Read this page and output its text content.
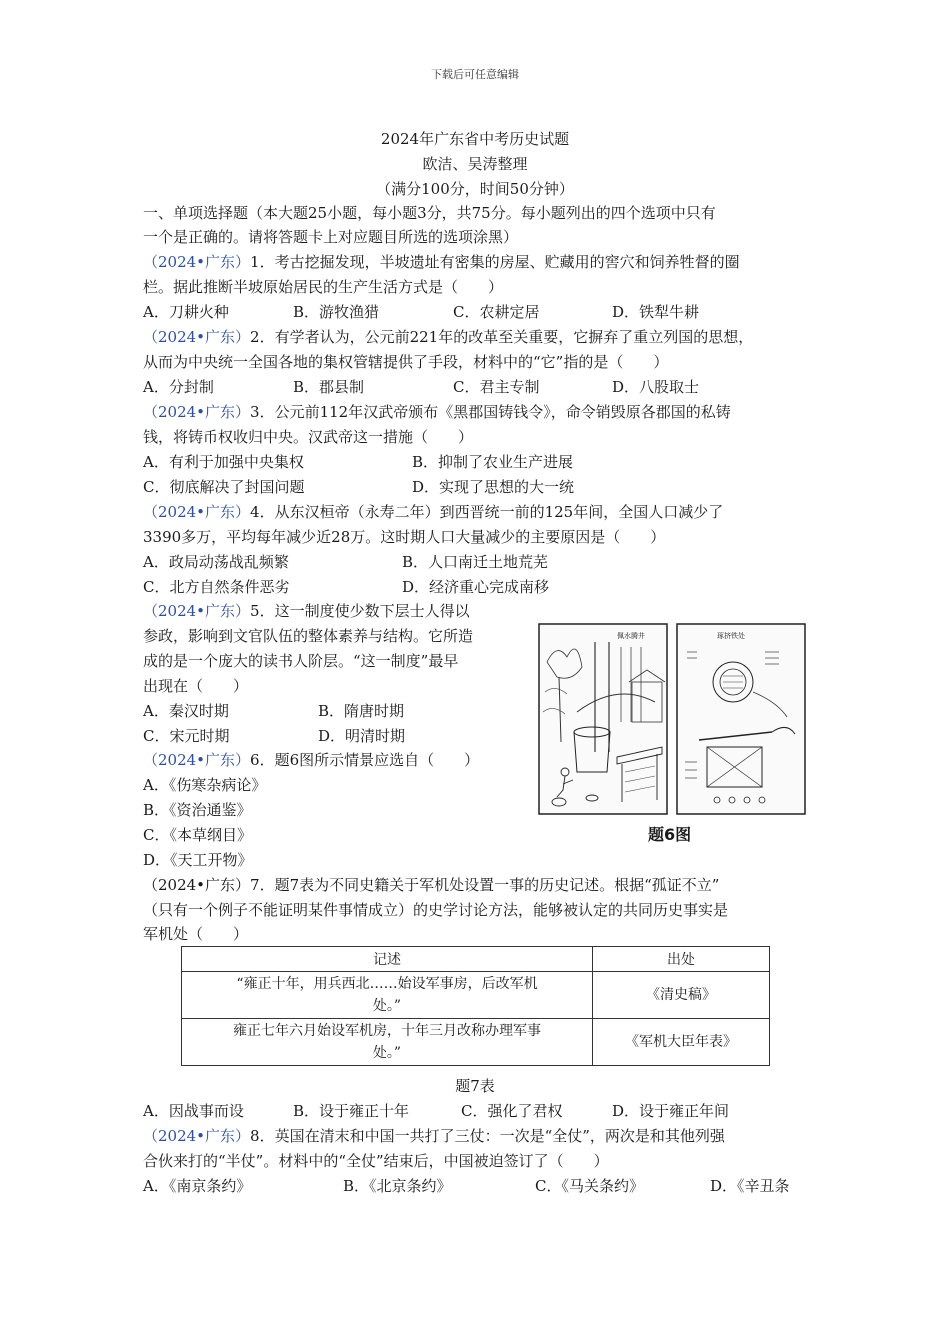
下载后可任意编辑
2024年广东省中考历史试题
欧洁、吴涛整理
（满分100分，时间50分钟）
一、单项选择题（本大题25小题，每小题3分，共75分。每小题列出的四个选项中只有
一个是正确的。请将答题卡上对应题目所选的选项涂黑）
（2024•广东）1．考古挖掘发现，半坡遗址有密集的房屋、贮藏用的窖穴和饲养牲督的圈
栏。据此推断半坡原始居民的生产生活方式是（　　）
A．刀耕火种	B．游牧渔猎	C．农耕定居	D．铁犁牛耕
（2024•广东）2．有学者认为，公元前221年的改革至关重要，它摒弃了重立列国的思想，
从而为中央统一全国各地的集权管辖提供了手段，材料中的“它”指的是（　　）
A．分封制	B．郡县制	C．君主专制	D．八股取士
（2024•广东）3．公元前112年汉武帝颁布《黑郡国铸钱令》，命令销毁原各郡国的私铸
钱，将铸币权收归中央。汉武帝这一措施（　　）
A．有利于加强中央集权	B．抑制了农业生产进展
C．彻底解决了封国问题	D．实现了思想的大一统
（2024•广东）4．从东汉桓帝（永寿二年）到西晋统一前的125年间，全国人口减少了
3390多万，平均每年减少近28万。这时期人口大量减少的主要原因是（　　）
A．政局动荡战乱频繁	B．人口南迁土地荒芜
C．北方自然条件恶劣	D．经济重心完成南移
（2024•广东）5．这一制度使少数下层士人得以
参政，影响到文官队伍的整体素养与结构。它所造
成的是一个庞大的读书人阶层。“这一制度”最早
出现在（　　）
A．秦汉时期	B．隋唐时期
C．宋元时期	D．明清时期
佩水腾井	琢挤铁处
题6图
（2024•广东）6．题6图所示情景应选自（　　）
A．《伤寒杂病论》
B．《资治通鉴》
C．《本草纲目》
D．《天工开物》
（2024•广东）7．题7表为不同史籍关于军机处设置一事的历史记述。根据“孤证不立”
（只有一个例子不能证明某件事情成立）的史学讨论方法，能够被认定的共同历史事实是
军机处（　　）
记述	出处
“雍正十年，用兵西北……始设军事房，后改军机
处。”	《清史稿》
雍正七年六月始设军机房，十年三月改称办理军事
处。”	《军机大臣年表》
题7表
A．因战事而设	B．设于雍正十年	C．强化了君权	D．设于雍正年间
（2024•广东）8．英国在清末和中国一共打了三仗：一次是“全仗”，两次是和其他列强
合伙来打的“半仗”。材料中的“全仗”结束后，中国被迫签订了（　　）
A．《南京条约》	B．《北京条约》	C．《马关条约》	D．《辛丑条
